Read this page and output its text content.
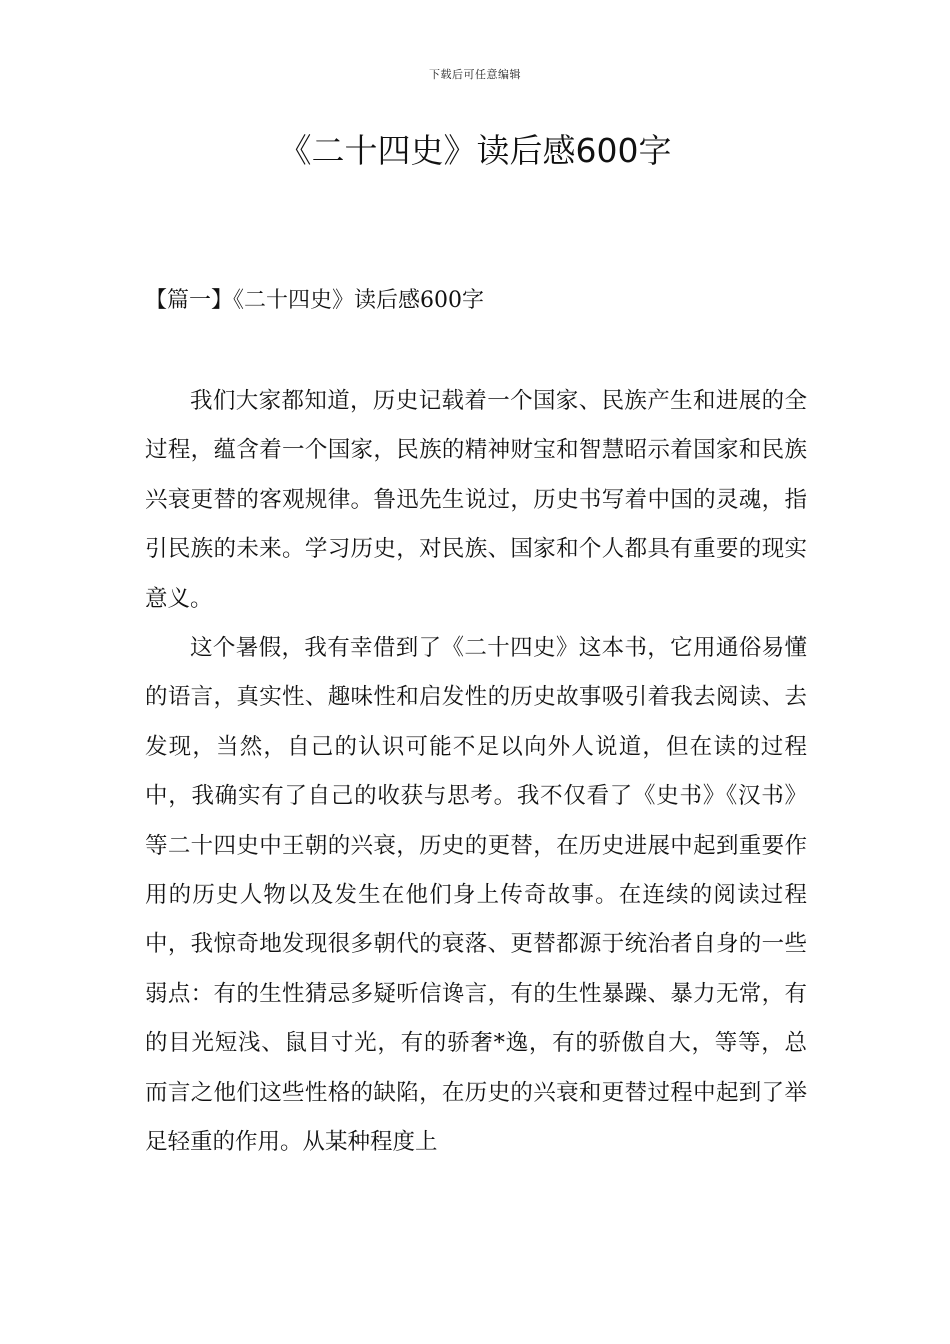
下载后可任意编辑
《二十四史》读后感600字
【篇一】《二十四史》读后感600字

我们大家都知道，历史记载着一个国家、民族产生和进展的全过程，蕴含着一个国家，民族的精神财宝和智慧昭示着国家和民族兴衰更替的客观规律。鲁迅先生说过，历史书写着中国的灵魂，指引民族的未来。学习历史，对民族、国家和个人都具有重要的现实意义。

这个暑假，我有幸借到了《二十四史》这本书，它用通俗易懂的语言，真实性、趣味性和启发性的历史故事吸引着我去阅读、去发现，当然，自己的认识可能不足以向外人说道，但在读的过程中，我确实有了自己的收获与思考。我不仅看了《史书》《汉书》等二十四史中王朝的兴衰，历史的更替，在历史进展中起到重要作用的历史人物以及发生在他们身上传奇故事。在连续的阅读过程中，我惊奇地发现很多朝代的衰落、更替都源于统治者自身的一些弱点：有的生性猜忌多疑听信谗言，有的生性暴躁、暴力无常，有的目光短浅、鼠目寸光，有的骄奢*逸，有的骄傲自大，等等，总而言之他们这些性格的缺陷，在历史的兴衰和更替过程中起到了举足轻重的作用。从某种程度上
